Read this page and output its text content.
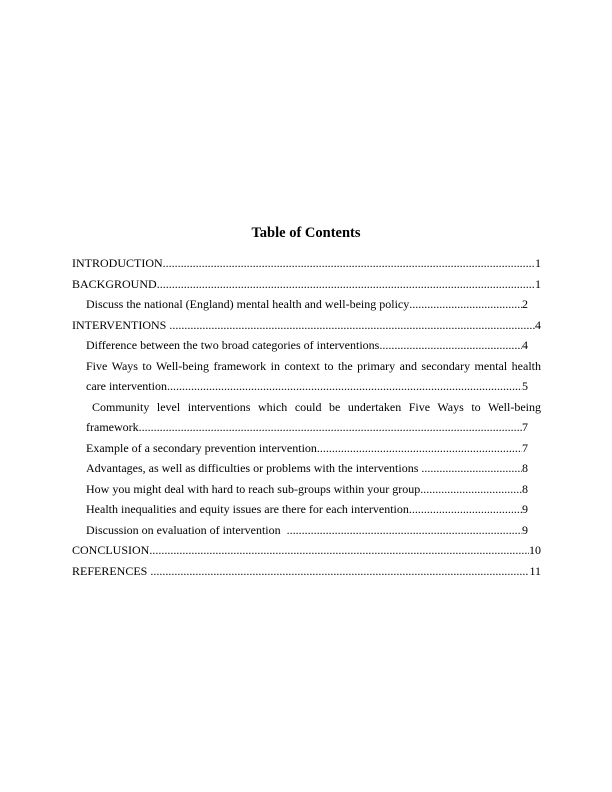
Table of Contents
INTRODUCTION .....	1
BACKGROUND .....	1
Discuss the national (England) mental health and well-being policy .....	2
INTERVENTIONS .....	4
Difference between the two broad categories of interventions .....	4
Five Ways to Well-being framework in context to the primary and secondary mental health
care intervention .....	5
Community level interventions which could be undertaken Five Ways to Well-being
framework .....	7
Example of a secondary prevention intervention .....	7
Advantages, as well as difficulties or problems with the interventions .....	8
How you might deal with hard to reach sub-groups within your group .....	8
Health inequalities and equity issues are there for each intervention .....	9
Discussion on evaluation of intervention .....	9
CONCLUSION .....	10
REFERENCES .....	11
